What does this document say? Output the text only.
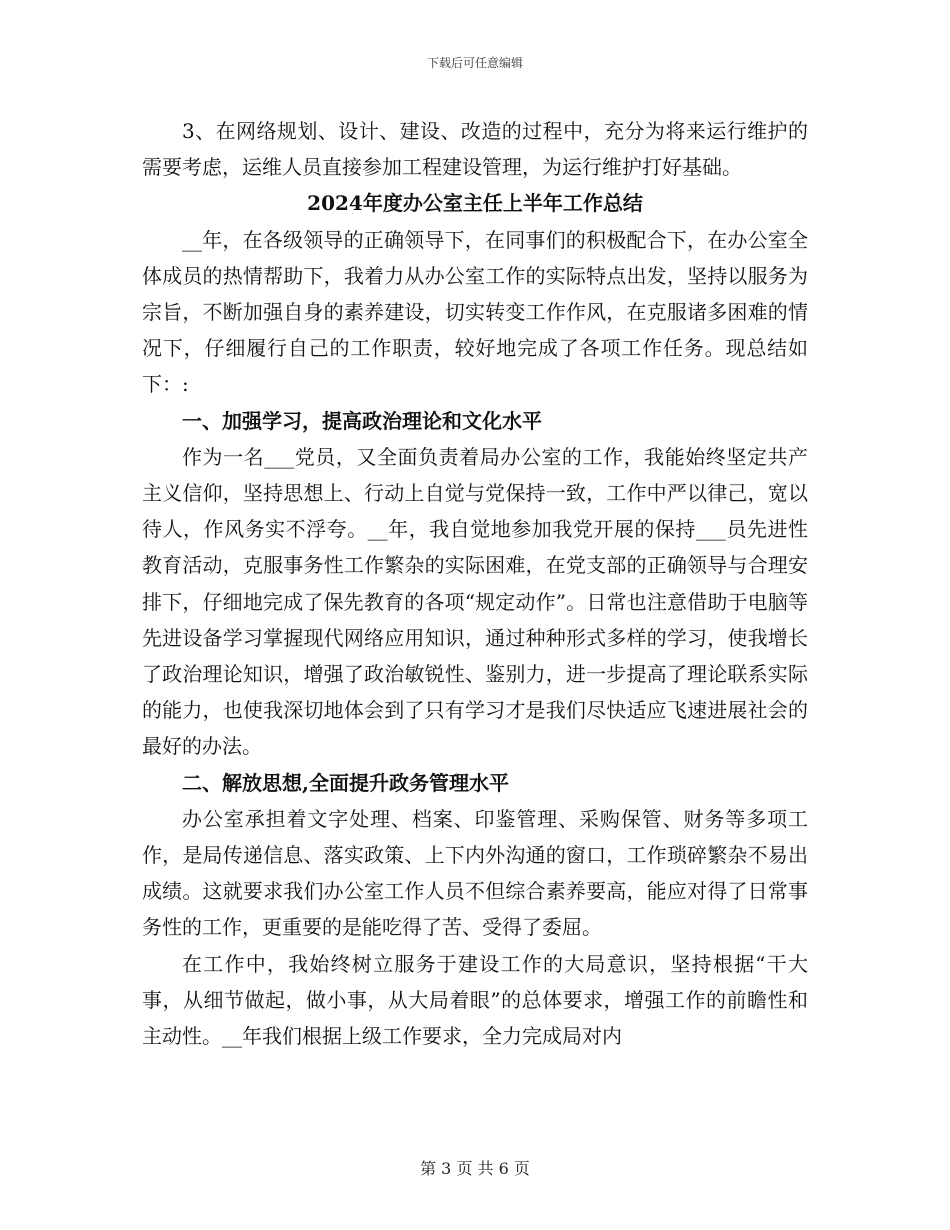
下载后可任意编辑

3、在网络规划、设计、建设、改造的过程中，充分为将来运行维护的需要考虑，运维人员直接参加工程建设管理，为运行维护打好基础。

2024年度办公室主任上半年工作总结

__年，在各级领导的正确领导下，在同事们的积极配合下，在办公室全体成员的热情帮助下，我着力从办公室工作的实际特点出发，坚持以服务为宗旨，不断加强自身的素养建设，切实转变工作作风，在克服诸多困难的情况下，仔细履行自己的工作职责，较好地完成了各项工作任务。现总结如下：:

一、加强学习，提高政治理论和文化水平

作为一名___党员，又全面负责着局办公室的工作，我能始终坚定共产主义信仰，坚持思想上、行动上自觉与党保持一致，工作中严以律己，宽以待人，作风务实不浮夸。__年，我自觉地参加我党开展的保持___员先进性教育活动，克服事务性工作繁杂的实际困难，在党支部的正确领导与合理安排下，仔细地完成了保先教育的各项“规定动作”。日常也注意借助于电脑等先进设备学习掌握现代网络应用知识，通过种种形式多样的学习，使我增长了政治理论知识，增强了政治敏锐性、鉴别力，进一步提高了理论联系实际的能力，也使我深切地体会到了只有学习才是我们尽快适应飞速进展社会的最好的办法。

二、解放思想,全面提升政务管理水平

办公室承担着文字处理、档案、印鉴管理、采购保管、财务等多项工作，是局传递信息、落实政策、上下内外沟通的窗口，工作琐碎繁杂不易出成绩。这就要求我们办公室工作人员不但综合素养要高，能应对得了日常事务性的工作，更重要的是能吃得了苦、受得了委屈。

在工作中，我始终树立服务于建设工作的大局意识，坚持根据“干大事，从细节做起，做小事，从大局着眼”的总体要求，增强工作的前瞻性和主动性。__年我们根据上级工作要求，全力完成局对内

第 3 页 共 6 页
